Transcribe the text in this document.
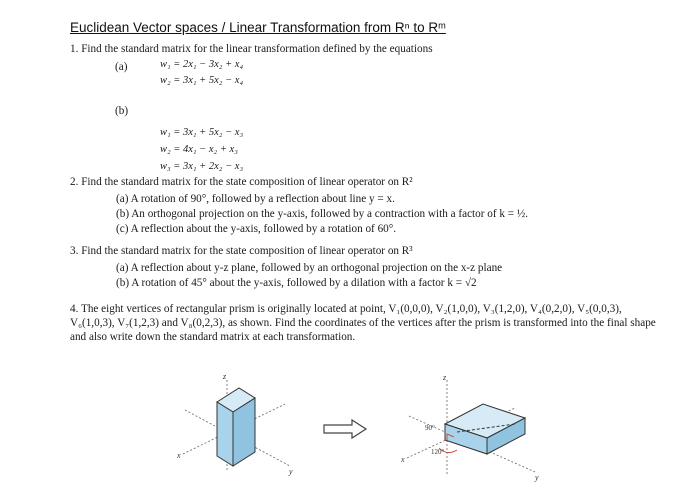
Euclidean Vector spaces / Linear Transformation from Rⁿ to Rᵐ
1. Find the standard matrix for the linear transformation defined by the equations
(a)	w₁ = 2x₁ − 3x₂ + x₄
w₂ = 3x₁ + 5x₂ − x₄
(b)
w₁ = 3x₁ + 5x₂ − x₃
w₂ = 4x₁ − x₂ + x₃
w₃ = 3x₁ + 2x₂ − x₃
2. Find the standard matrix for the state composition of linear operator on R²
(a) A rotation of 90°, followed by a reflection about line y = x.
(b) An orthogonal projection on the y-axis, followed by a contraction with a factor of k = ½.
(c) A reflection about the y-axis, followed by a rotation of 60°.
3. Find the standard matrix for the state composition of linear operator on R³
(a) A reflection about y-z plane, followed by an orthogonal projection on the x-z plane
(b) A rotation of 45° about the y-axis, followed by a dilation with a factor k = √2
4. The eight vertices of rectangular prism is originally located at point, V₁(0,0,0), V₂(1,0,0), V₃(1,2,0), V₄(0,2,0), V₅(0,0,3), V₆(1,0,3), V₇(1,2,3) and V₈(0,2,3), as shown. Find the coordinates of the vertices after the prism is transformed into the final shape and also write down the standard matrix at each transformation.
x
y
z
90°
120°
x
y
z
